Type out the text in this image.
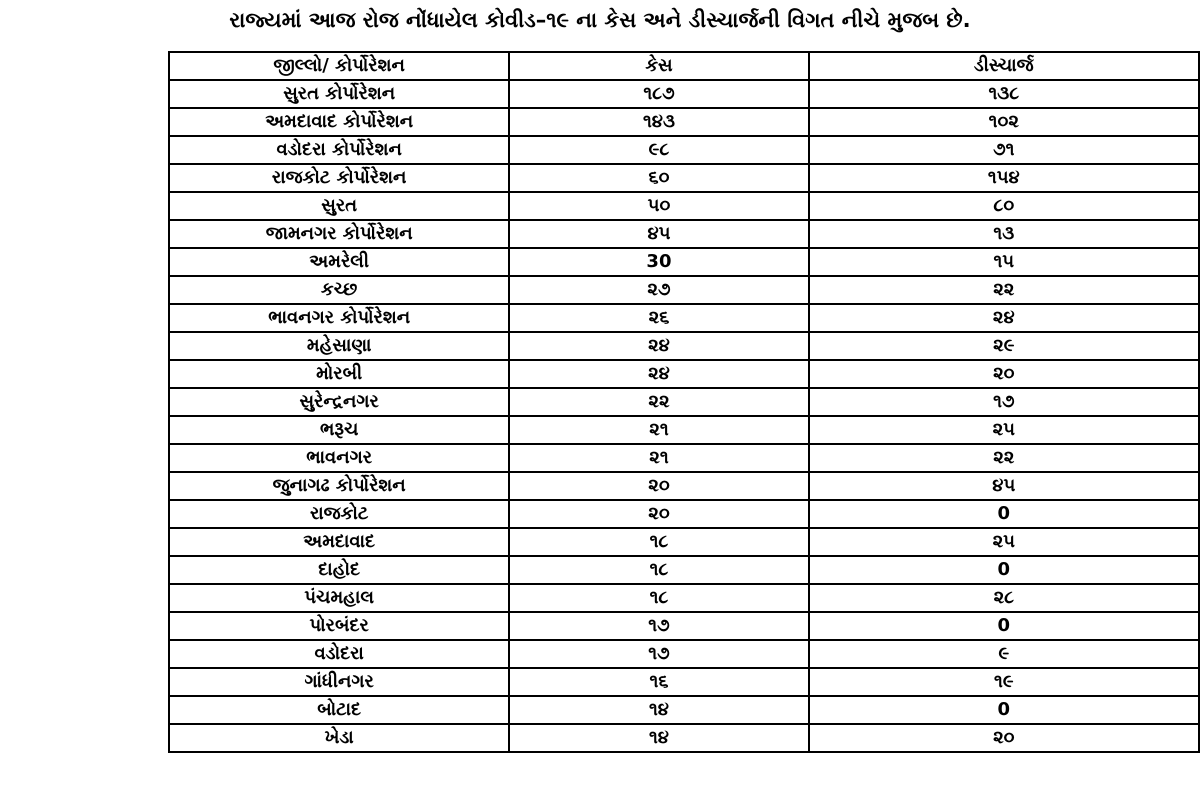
રાજ્યમાં આજ રોજ નોંધાયેલ કોવીડ–૧૯ ના કેસ અને ડીસ્ચાર્જની વિગત નીચે મુજબ છે.
જીલ્લો/ કોર્પોરેશન	કેસ	ડીસ્ચાર્જ
સુરત કોર્પોરેશન	૧૮૭	૧૩૮
અમદાવાદ કોર્પોરેશન	૧૪૩	૧૦૨
વડોદરા કોર્પોરેશન	૯૮	૭૧
રાજકોટ કોર્પોરેશન	૬૦	૧૫૪
સુરત	૫૦	૮૦
જામનગર કોર્પોરેશન	૪૫	૧૩
અમરેલી	30	૧૫
કચ્છ	૨૭	૨૨
ભાવનગર કોર્પોરેશન	૨૬	૨૪
મહેસાણા	૨૪	૨૯
મોરબી	૨૪	૨૦
સુરેન્દ્રનગર	૨૨	૧૭
ભરૂચ	૨૧	૨૫
ભાવનગર	૨૧	૨૨
જુનાગઢ કોર્પોરેશન	૨૦	૪૫
રાજકોટ	૨૦	0
અમદાવાદ	૧૮	૨૫
દાહોદ	૧૮	0
પંચમહાલ	૧૮	૨૮
પોરબંદર	૧૭	0
વડોદરા	૧૭	૯
ગાંધીનગર	૧૬	૧૯
બોટાદ	૧૪	0
ખેડા	૧૪	૨૦
